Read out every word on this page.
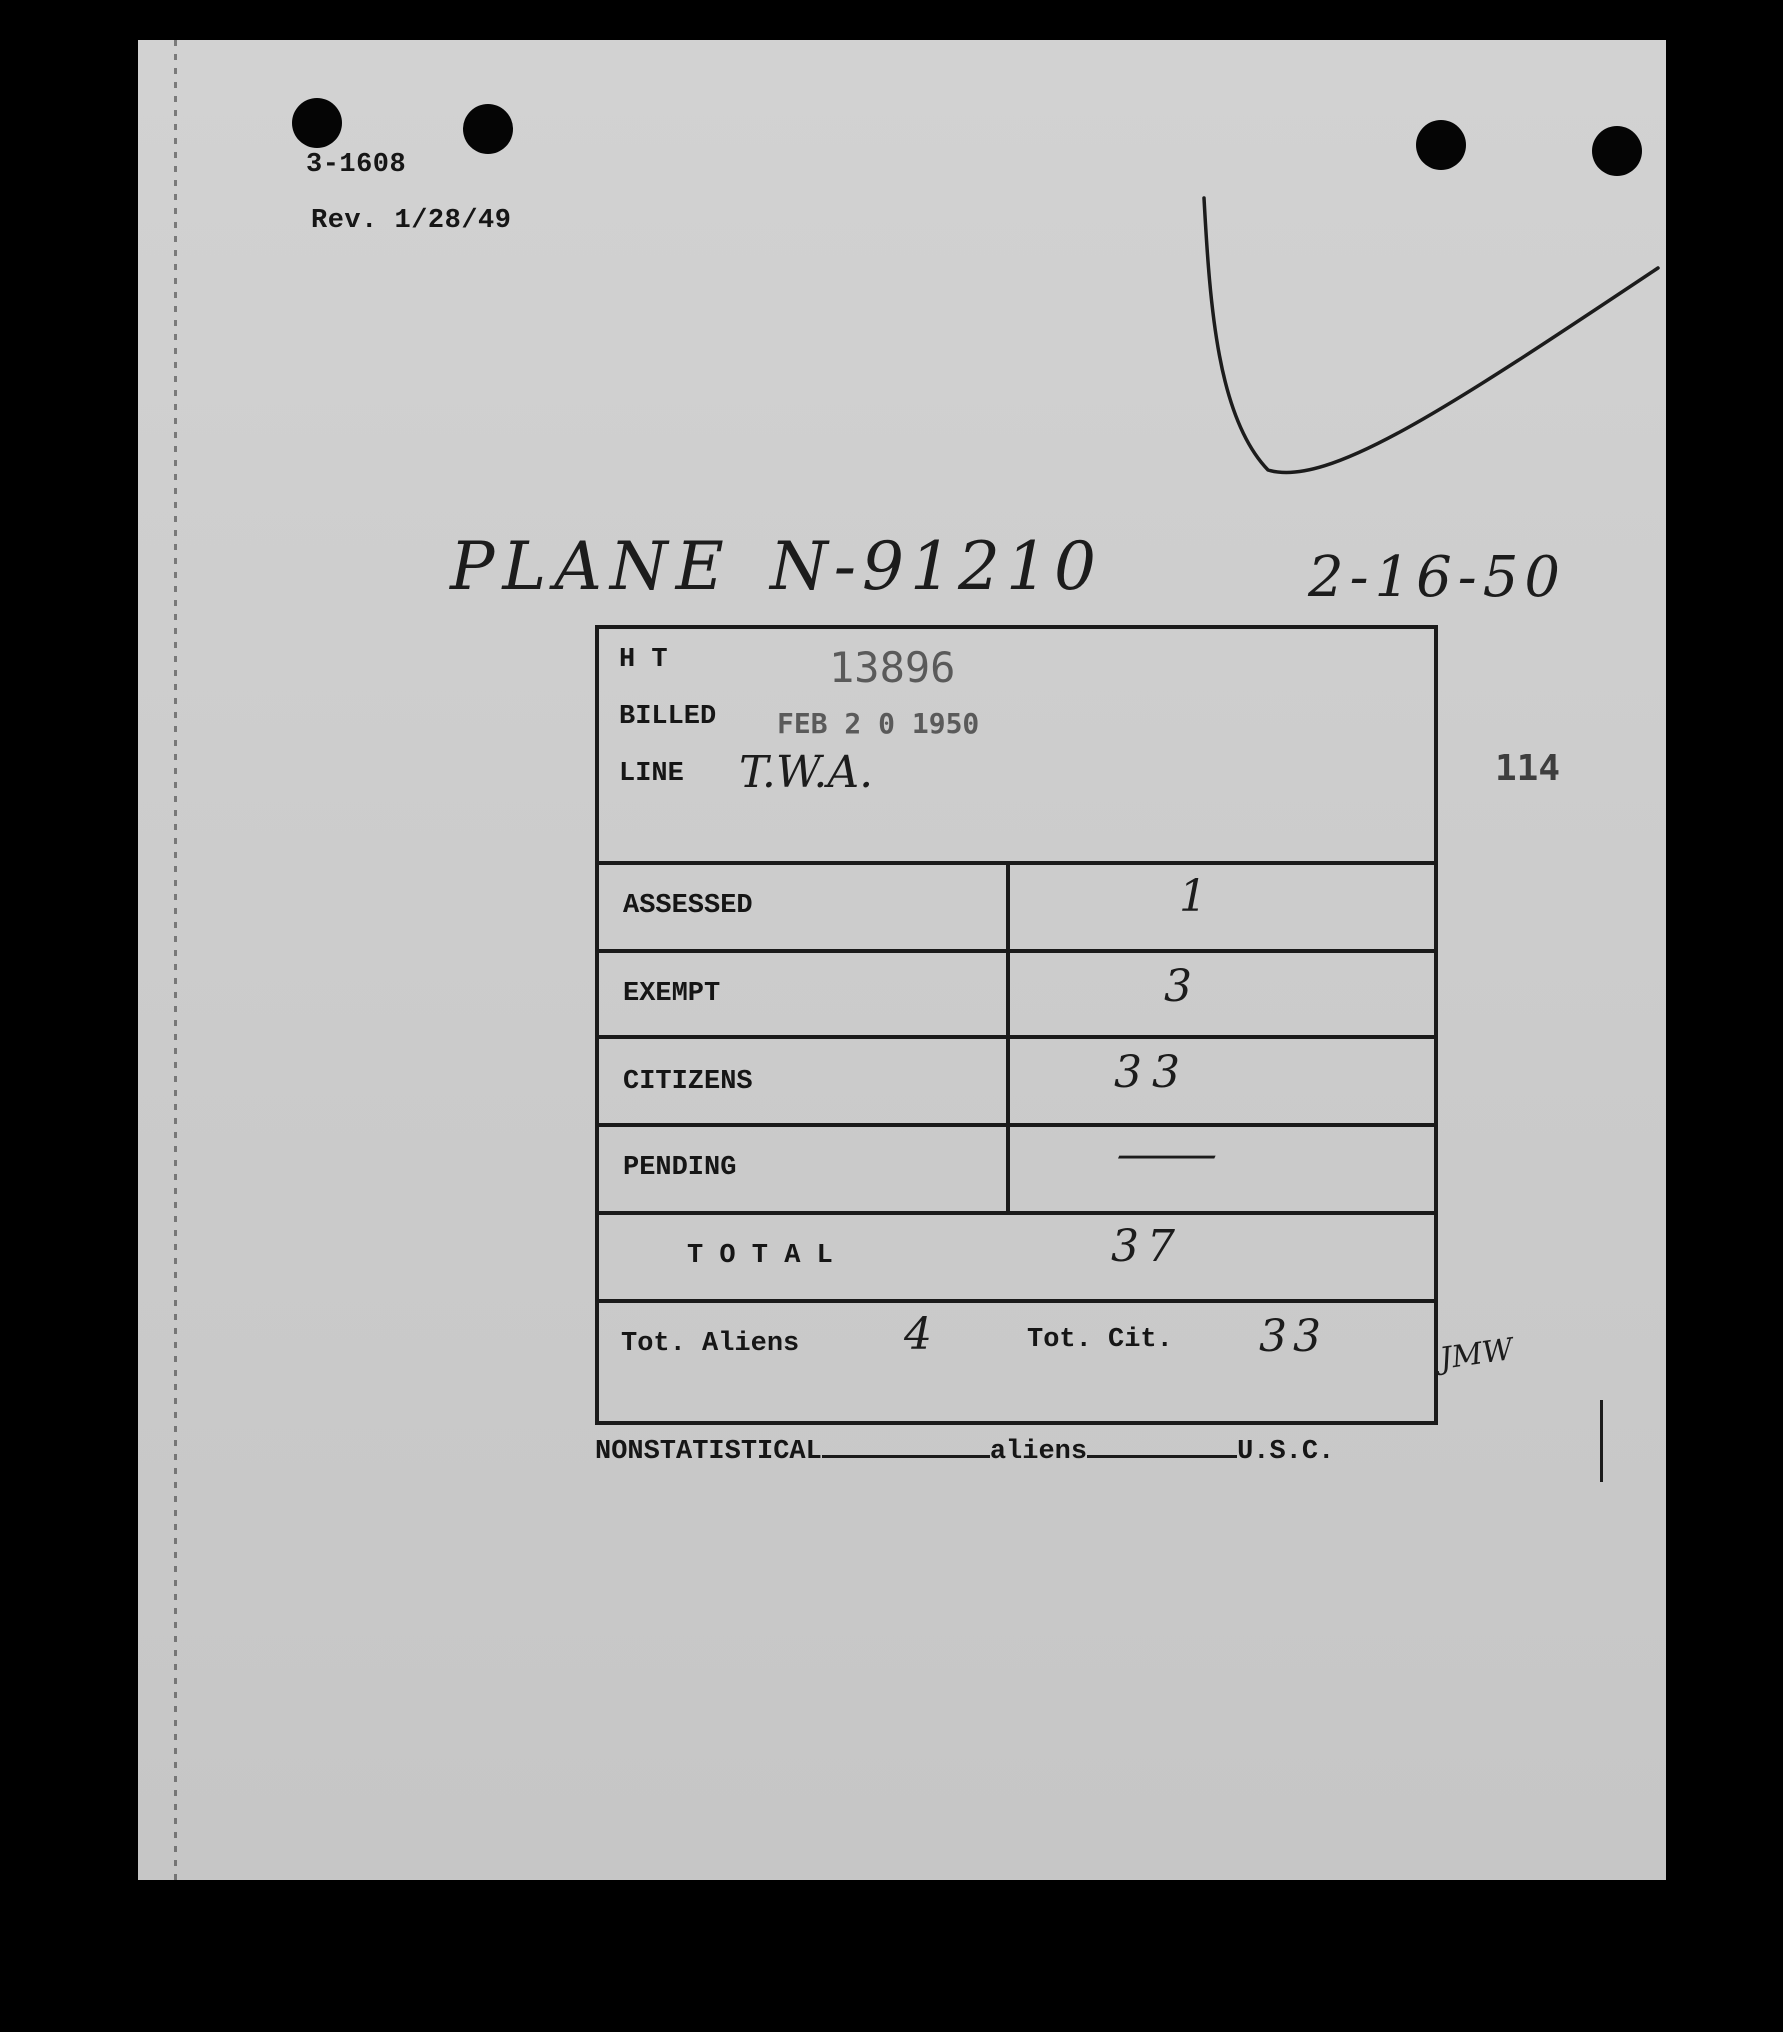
3-1608
Rev. 1/28/49
PLANE N-91210	2-16-50
114
NONSTATISTICAL	aliens	U.S.C.
H T	13896
BILLED FEB 2 0 1950
LINE T.W.A.
ASSESSED	1
EXEMPT	3
CITIZENS	33
PENDING	—
T O T A L	37
Tot. Aliens 4	Tot. Cit. 33	JMW
